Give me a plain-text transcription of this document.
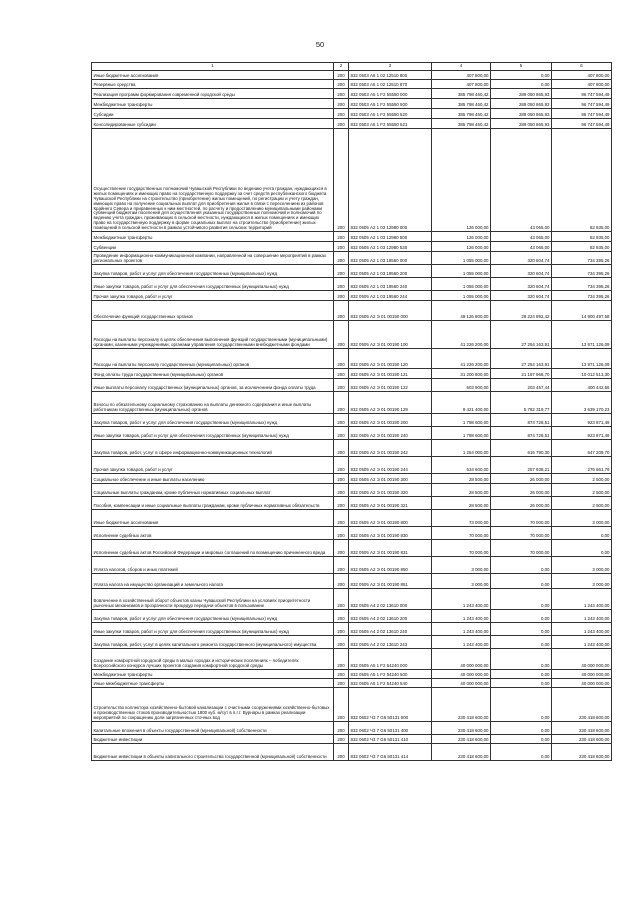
50
1	2	3	4	5	6
Иные бюджетные ассигнования	200	832 0503 А5 1 02 12510 800	407 800,00	0,00	407 800,00
Резервные средства	200	832 0503 А5 1 02 12510 870	407 800,00	0,00	407 800,00
Реализация программ формирования современной городской среды	200	832 0503 А5 1 F2 55550 000	385 798 460,42	289 050 865,93	96 747 594,49
Межбюджетные трансферты	200	832 0503 А5 1 F2 55550 500	385 798 460,42	289 050 865,93	96 747 594,49
Субсидии	200	832 0503 А5 1 F2 55550 520	385 798 460,42	289 050 865,93	96 747 594,49
Консолидированные субсидии	200	832 0503 А5 1 F2 55550 521	385 798 460,42	289 050 865,93	96 747 594,49
Осуществление государственных полномочий Чувашской Республики по ведению учета граждан, нуждающихся в жилых помещениях и имеющих право на государственную поддержку за счет средств республиканского бюджета Чувашской Республики на строительство (приобретение) жилых помещений, по регистрации и учету граждан, имеющих право на получение социальных выплат для приобретения жилья в связи с переселением из районов Крайнего Севера и приравненных к ним местностей, по расчету и предоставлению муниципальными районами субвенций бюджетам поселений для осуществления указанных государственных полномочий и полномочий по ведению учета граждан, проживающих в сельской местности, нуждающихся в жилых помещениях и имеющих право на государственную поддержку в форме социальных выплат на строительство (приобретение) жилых помещений в сельской местности в рамках устойчивого развития сельских территорий	200	832 0505 А2 1 03 12980 000	126 000,00	43 065,00	82 935,00
Межбюджетные трансферты	200	832 0505 А2 1 03 12980 500	126 000,00	43 065,00	82 935,00
Субвенции	200	832 0505 А2 1 03 12980 530	126 000,00	43 065,00	82 935,00
Проведение информационно-коммуникационной кампании, направленной на совершение мероприятий в рамках региональных проектов	200	832 0505 А2 1 03 19560 000	1 055 000,00	320 604,74	734 395,26
Закупка товаров, работ и услуг для обеспечения государственных (муниципальных) нужд	200	832 0505 А2 1 03 19560 200	1 055 000,00	320 604,74	734 395,26
Иные закупки товаров, работ и услуг для обеспечения государственных (муниципальных) нужд	200	832 0505 А2 1 03 19560 240	1 055 000,00	320 604,74	734 395,26
Прочая закупка товаров, работ и услуг	200	832 0505 А2 1 03 19560 244	1 055 000,00	320 604,74	734 395,26
Обеспечение функций государственных органов	200	832 0505 А2 Э 01 00190 000	49 126 800,00	28 224 892,42	14 900 497,58
Расходы на выплаты персоналу в целях обеспечения выполнения функций государственными (муниципальными) органами, казенными учреждениями, органами управления государственными внебюджетными фондами	200	832 0505 А2 Э 01 00190 100	41 226 200,00	27 254 163,91	13 971 126,09
Расходы на выплаты персоналу государственных (муниципальных) органов	200	832 0505 А2 Э 01 00190 120	41 226 200,00	27 254 163,91	13 971 126,09
Фонд оплаты труда государственных (муниципальных) органов	200	832 0505 А2 Э 01 00190 121	31 200 800,00	21 187 966,70	10 012 513,30
Иные выплаты персоналу государственных (муниципальных) органов, за исключением фонда оплаты труда	200	832 0505 А2 Э 01 00190 122	603 900,00	203 457,44	400 442,56
Взносы по обязательному социальному страхованию на выплаты денежного содержания и иные выплаты работникам государственных (муниципальных) органов	200	832 0505 А2 Э 01 00190 129	9 421 400,00	5 782 319,77	3 639 170,23
Закупка товаров, работ и услуг для обеспечения государственных (муниципальных) нужд	200	832 0505 А2 Э 01 00190 200	1 798 600,00	874 728,51	923 871,49
Иные закупки товаров, работ и услуг для обеспечения государственных (муниципальных) нужд	200	832 0505 А2 Э 01 00190 240	1 798 600,00	874 728,51	923 871,49
Закупка товаров, работ, услуг в сфере информационно-коммуникационных технологий	200	832 0505 А2 Э 01 00190 242	1 264 000,00	616 790,30	647 209,70
Прочая закупка товаров, работ и услуг	200	832 0505 А2 Э 01 00190 244	534 600,00	257 938,21	276 661,79
Социальное обеспечение и иные выплаты населению	200	832 0505 А2 Э 01 00190 300	28 500,00	26 000,00	2 500,00
Социальные выплаты гражданам, кроме публичных нормативных социальных выплат	200	832 0505 А2 Э 01 00190 320	28 500,00	26 000,00	2 500,00
Пособия, компенсации и иные социальные выплаты гражданам, кроме публичных нормативных обязательств	200	832 0505 А2 Э 01 00190 321	28 500,00	26 000,00	2 500,00
Иные бюджетные ассигнования	200	832 0505 А2 Э 01 00190 800	73 000,00	70 000,00	3 000,00
Исполнение судебных актов	200	832 0505 А2 Э 01 00190 830	70 000,00	70 000,00	0,00
Исполнение судебных актов Российской Федерации и мировых соглашений по возмещению причиненного вреда	200	832 0505 А2 Э 01 00190 831	70 000,00	70 000,00	0,00
Уплата налогов, сборов и иных платежей	200	832 0505 А2 Э 01 00190 850	3 000,00	0,00	3 000,00
Уплата налога на имущество организаций и земельного налога	200	832 0505 А2 Э 01 00190 851	3 000,00	0,00	3 000,00
Вовлечение в хозяйственный оборот объектов казны Чувашской Республики на условиях приоритетности рыночных механизмов и прозрачности процедур передачи объектов в пользование	200	832 0505 А4 2 02 13610 000	1 243 400,00	0,00	1 243 400,00
Закупка товаров, работ и услуг для обеспечения государственных (муниципальных) нужд	200	832 0505 А4 2 02 13610 200	1 243 400,00	0,00	1 243 400,00
Иные закупки товаров, работ и услуг для обеспечения государственных (муниципальных) нужд	200	832 0505 А4 2 02 13610 240	1 243 400,00	0,00	1 243 400,00
Закупка товаров, работ, услуг в целях капитального ремонта государственного (муниципального) имущества	200	832 0505 А4 2 02 13610 243	1 243 400,00	0,00	1 243 400,00
Создание комфортной городской среды в малых городах и исторических поселениях – победителях Всероссийского конкурса лучших проектов создания комфортной городской среды	200	832 0505 А5 1 F2 54240 000	40 000 000,00	0,00	40 000 000,00
Межбюджетные трансферты	200	832 0505 А5 1 F2 54240 500	40 000 000,00	0,00	40 000 000,00
Иные межбюджетные трансферты	200	832 0505 А5 1 F2 54240 540	40 000 000,00	0,00	40 000 000,00
Строительство коллектора хозяйственно-бытовой канализации с очистными сооружениями хозяйственно-бытовых и производственных стоков производительностью 1800 куб. м/сут в п.г.т. Вурнары в рамках реализации мероприятий по сокращению доли загрязненных сточных вод	200	832 0602 Ч3 7 G6 50131 000	230 418 600,00	0,00	230 418 600,00
Капитальные вложения в объекты государственной (муниципальной) собственности	200	832 0602 Ч3 7 G6 50131 400	230 418 600,00	0,00	230 418 600,00
Бюджетные инвестиции	200	832 0602 Ч3 7 G6 50131 410	230 418 600,00	0,00	230 418 600,00
Бюджетные инвестиции в объекты капитального строительства государственной (муниципальной) собственности	200	832 0602 Ч3 7 G6 50131 414	230 418 600,00	0,00	230 418 600,00
